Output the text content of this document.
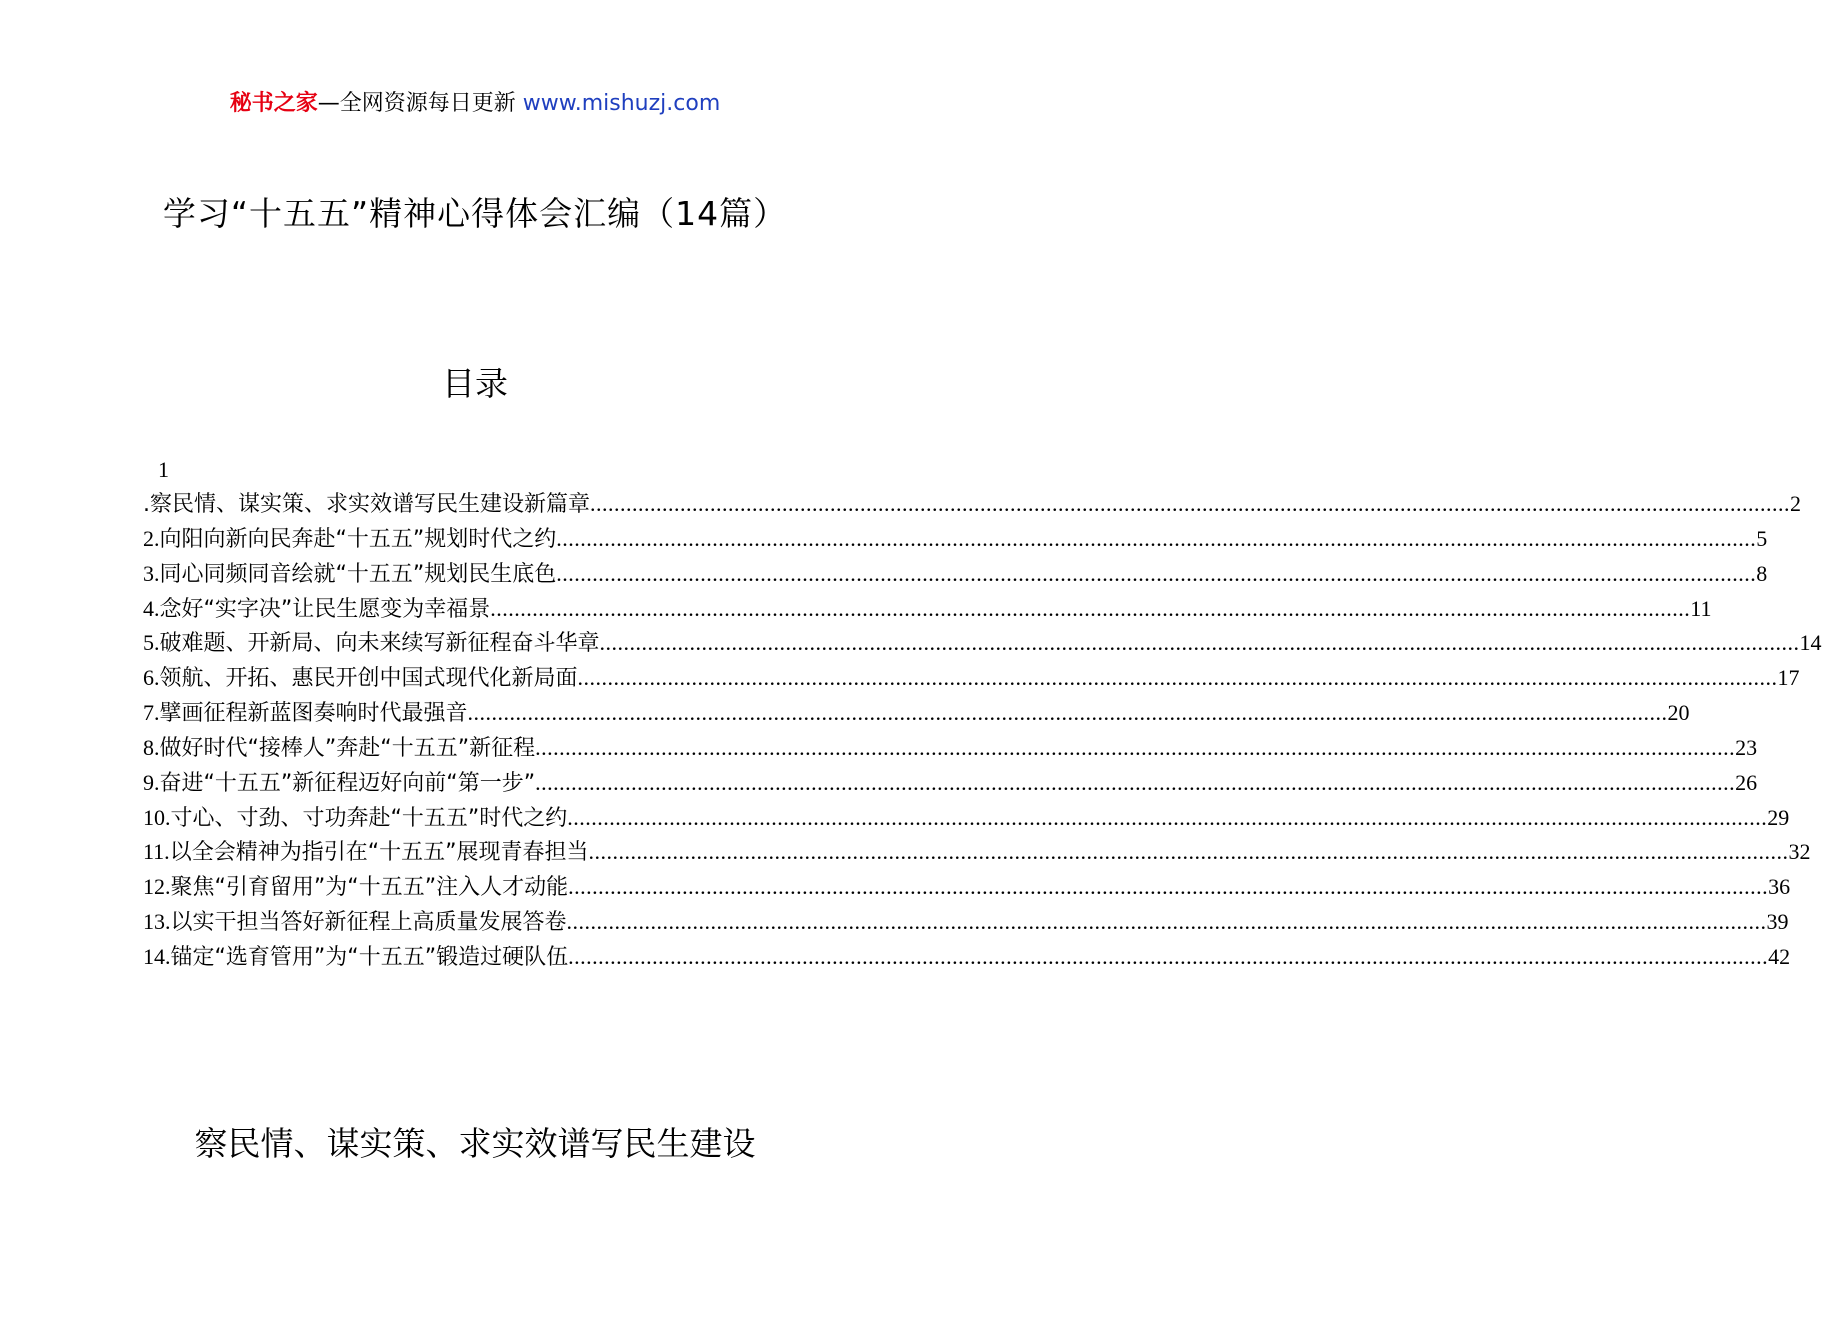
秘书之家—全网资源每日更新 www.mishuzj.com
学习“十五五”精神心得体会汇编（14篇）
目录
1
.察民情、谋实策、求实效谱写民生建设新篇章 ........................................................................................................................................................................................................ 2
2. 向阳向新向民奔赴“十五五”规划时代之约 ........................................................................................................................................................................................................ 5
3. 同心同频同音绘就“十五五”规划民生底色 ........................................................................................................................................................................................................ 8
4. 念好“实字决”让民生愿变为幸福景 ........................................................................................................................................................................................................ 11
5. 破难题、开新局、向未来续写新征程奋斗华章 ........................................................................................................................................................................................................ 14
6. 领航、开拓、惠民开创中国式现代化新局面 ........................................................................................................................................................................................................ 17
7. 擘画征程新蓝图奏响时代最强音 ........................................................................................................................................................................................................ 20
8. 做好时代“接棒人”奔赴“十五五”新征程 ........................................................................................................................................................................................................ 23
9. 奋进“十五五”新征程迈好向前“第一步” ........................................................................................................................................................................................................ 26
10. 寸心、寸劲、寸功奔赴“十五五”时代之约 ........................................................................................................................................................................................................ 29
11. 以全会精神为指引在“十五五”展现青春担当 ........................................................................................................................................................................................................ 32
12. 聚焦“引育留用”为“十五五”注入人才动能 ........................................................................................................................................................................................................ 36
13. 以实干担当答好新征程上高质量发展答卷 ........................................................................................................................................................................................................ 39
14. 锚定“选育管用”为“十五五”锻造过硬队伍 ........................................................................................................................................................................................................ 42
察民情、谋实策、求实效谱写民生建设
